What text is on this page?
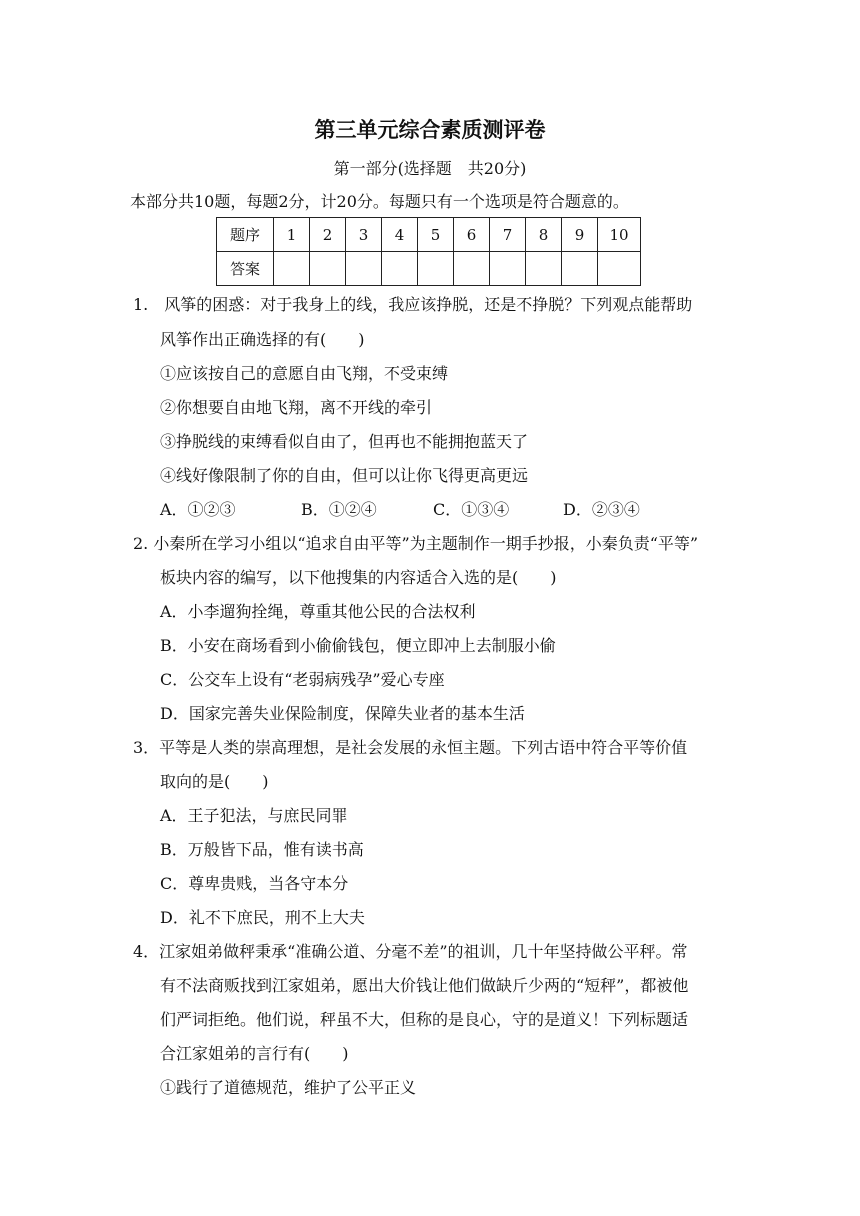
第三单元综合素质测评卷
第一部分(选择题　共20分)
本部分共10题，每题2分，计20分。每题只有一个选项是符合题意的。
题序	1	2	3	4	5	6	7	8	9	10
答案										
1.　风筝的困惑：对于我身上的线，我应该挣脱，还是不挣脱？下列观点能帮助
风筝作出正确选择的有(　　)
①应该按自己的意愿自由飞翔，不受束缚
②你想要自由地飞翔，离不开线的牵引
③挣脱线的束缚看似自由了，但再也不能拥抱蓝天了
④线好像限制了你的自由，但可以让你飞得更高更远
A．①②③	B．①②④	C．①③④	D．②③④
2. 小秦所在学习小组以“追求自由平等”为主题制作一期手抄报，小秦负责“平等”
板块内容的编写，以下他搜集的内容适合入选的是(　　)
A．小李遛狗拴绳，尊重其他公民的合法权利
B．小安在商场看到小偷偷钱包，便立即冲上去制服小偷
C．公交车上设有“老弱病残孕”爱心专座
D．国家完善失业保险制度，保障失业者的基本生活
3．平等是人类的崇高理想，是社会发展的永恒主题。下列古语中符合平等价值
取向的是(　　)
A．王子犯法，与庶民同罪
B．万般皆下品，惟有读书高
C．尊卑贵贱，当各守本分
D．礼不下庶民，刑不上大夫
4．江家姐弟做秤秉承“准确公道、分毫不差”的祖训，几十年坚持做公平秤。常
有不法商贩找到江家姐弟，愿出大价钱让他们做缺斤少两的“短秤”，都被他
们严词拒绝。他们说，秤虽不大，但称的是良心，守的是道义！下列标题适
合江家姐弟的言行有(　　)
①践行了道德规范，维护了公平正义
